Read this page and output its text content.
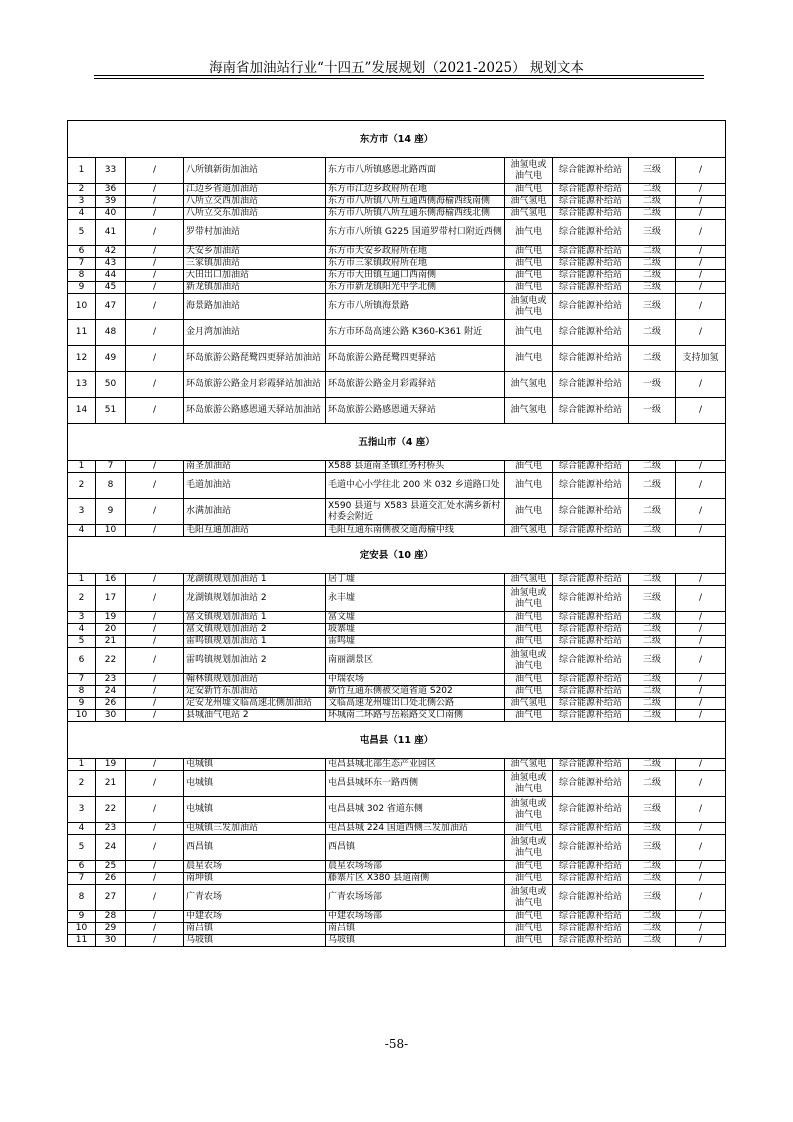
海南省加油站行业“十四五”发展规划（2021-2025） 规划文本
东方市（14 座）								
1	33	/	八所镇新街加油站	东方市八所镇感恩北路西面	油氢电或油气电	综合能源补给站	三级	/
2	36	/	江边乡省道加油站	东方市江边乡政府所在地	油气电	综合能源补给站	二级	/
3	39	/	八所立交西加油站	东方市八所镇八所互通西侧海榆西线南侧	油气氢电	综合能源补给站	二级	/
4	40	/	八所立交东加油站	东方市八所镇八所互通东侧海榆西线北侧	油气氢电	综合能源补给站	二级	/
5	41	/	罗带村加油站	东方市八所镇 G225 国道罗带村口附近西侧	油气电	综合能源补给站	三级	/
6	42	/	天安乡加油站	东方市天安乡政府所在地	油气电	综合能源补给站	二级	/
7	43	/	三家镇加油站	东方市三家镇政府所在地	油气电	综合能源补给站	二级	/
8	44	/	大田出口加油站	东方市大田镇互通口西南侧	油气电	综合能源补给站	二级	/
9	45	/	新龙镇加油站	东方市新龙镇阳光中学北侧	油气电	综合能源补给站	三级	/
10	47	/	海景路加油站	东方市八所镇海景路	油氢电或油气电	综合能源补给站	三级	/
11	48	/	金月湾加油站	东方市环岛高速公路 K360-K361 附近	油气电	综合能源补给站	二级	/
12	49	/	环岛旅游公路琵鹭四更驿站加油站	环岛旅游公路琵鹭四更驿站	油气电	综合能源补给站	二级	支持加氢
13	50	/	环岛旅游公路金月彩霞驿站加油站	环岛旅游公路金月彩霞驿站	油气氢电	综合能源补给站	一级	/
14	51	/	环岛旅游公路感恩通天驿站加油站	环岛旅游公路感恩通天驿站	油气氢电	综合能源补给站	一级	/
五指山市（4 座）								
1	7	/	南圣加油站	X588 县道南圣镇红务村桥头	油气电	综合能源补给站	二级	/
2	8	/	毛道加油站	毛道中心小学往北 200 米 032 乡道路口处	油气电	综合能源补给站	二级	/
3	9	/	水满加油站	X590 县道与 X583 县道交汇处水满乡新村村委会附近	油气电	综合能源补给站	二级	/
4	10	/	毛阳互通加油站	毛阳互通东南侧被交道海榆中线	油气氢电	综合能源补给站	二级	/
定安县（10 座）								
1	16	/	龙湖镇规划加油站 1	居丁墟	油气氢电	综合能源补给站	二级	/
2	17	/	龙湖镇规划加油站 2	永丰墟	油氢电或油气电	综合能源补给站	三级	/
3	19	/	富文镇规划加油站 1	富文墟	油气电	综合能源补给站	二级	/
4	20	/	富文镇规划加油站 2	坡寨墟	油气电	综合能源补给站	二级	/
5	21	/	雷鸣镇规划加油站 1	雷鸣墟	油气电	综合能源补给站	二级	/
6	22	/	雷鸣镇规划加油站 2	南丽湖景区	油氢电或油气电	综合能源补给站	三级	/
7	23	/	翰林镇规划加油站	中瑞农场	油气电	综合能源补给站	二级	/
8	24	/	定安新竹东加油站	新竹互通东侧被交道省道 S202	油气电	综合能源补给站	二级	/
9	26	/	定安龙州墟文临高速北侧加油站	文临高速龙州墟出口处北侧公路	油气氢电	综合能源补给站	二级	/
10	30	/	县城油气电站 2	环城南二环路与岳崧路交叉口南侧	油气电	综合能源补给站	二级	/
屯昌县（11 座）								
1	19	/	屯城镇	屯昌县城北部生态产业园区	油气氢电	综合能源补给站	二级	/
2	21	/	屯城镇	屯昌县城环东一路西侧	油氢电或油气电	综合能源补给站	二级	/
3	22	/	屯城镇	屯昌县城 302 省道东侧	油氢电或油气电	综合能源补给站	三级	/
4	23	/	屯城镇三发加油站	屯昌县城 224 国道西侧三发加油站	油气电	综合能源补给站	三级	/
5	24	/	西昌镇	西昌镇	油氢电或油气电	综合能源补给站	三级	/
6	25	/	晨星农场	晨星农场场部	油气电	综合能源补给站	二级	/
7	26	/	南坤镇	藤寨片区 X380 县道南侧	油气电	综合能源补给站	二级	/
8	27	/	广青农场	广青农场场部	油氢电或油气电	综合能源补给站	三级	/
9	28	/	中建农场	中建农场场部	油气电	综合能源补给站	二级	/
10	29	/	南吕镇	南吕镇	油气电	综合能源补给站	二级	/
11	30	/	乌坡镇	乌坡镇	油气电	综合能源补给站	二级	/
-58-
